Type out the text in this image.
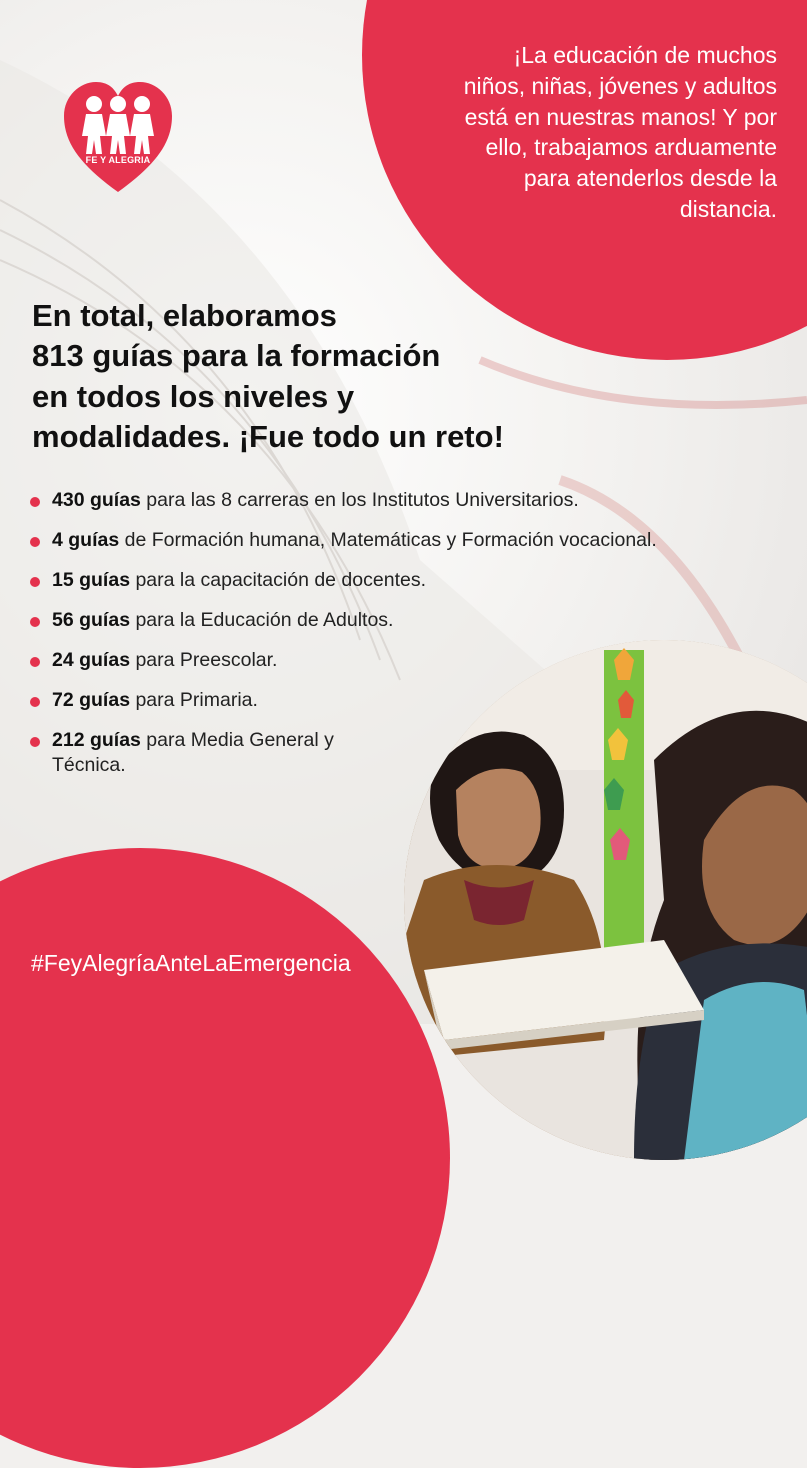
¡La educación de muchos niños, niñas, jóvenes y adultos está en nuestras manos! Y por ello, trabajamos arduamente para atenderlos desde la distancia.

FE Y ALEGRIA
En total, elaboramos
813 guías para la formación
en todos los niveles y
modalidades. ¡Fue todo un reto!
430 guías para las 8 carreras en los Institutos Universitarios.
4 guías de Formación humana, Matemáticas y Formación vocacional.
15 guías para la capacitación de docentes.
56 guías para la Educación de Adultos.
24 guías para Preescolar.
72 guías para Primaria.
212 guías para Media General y Técnica.

#FeyAlegríaAnteLaEmergencia
